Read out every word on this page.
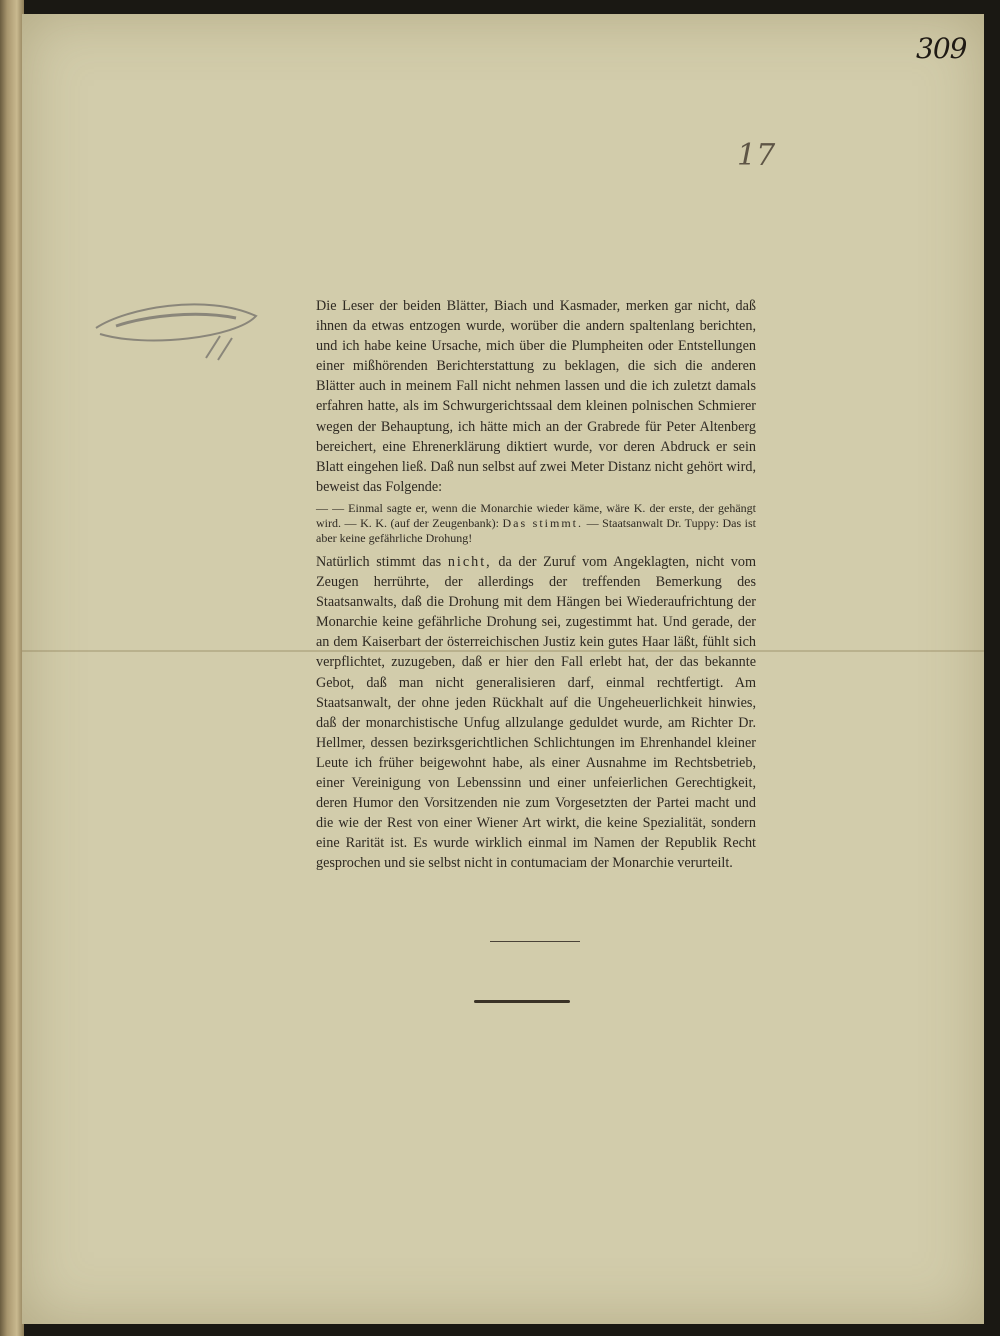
309
17

Die Leser der beiden Blätter, Biach und Kasmader, merken gar nicht, daß ihnen da etwas entzogen wurde, worüber die andern spaltenlang berichten, und ich habe keine Ursache, mich über die Plumpheiten oder Entstellungen einer mißhörenden Berichterstattung zu beklagen, die sich die anderen Blätter auch in meinem Fall nicht nehmen lassen und die ich zuletzt damals erfahren hatte, als im Schwurgerichtssaal dem kleinen polnischen Schmierer wegen der Behauptung, ich hätte mich an der Grabrede für Peter Altenberg bereichert, eine Ehrenerklärung diktiert wurde, vor deren Abdruck er sein Blatt eingehen ließ. Daß nun selbst auf zwei Meter Distanz nicht gehört wird, beweist das Folgende:

— — Einmal sagte er, wenn die Monarchie wieder käme, wäre K. der erste, der gehängt wird. — K. K. (auf der Zeugenbank): Das stimmt. — Staatsanwalt Dr. Tuppy: Das ist aber keine gefährliche Drohung!

Natürlich stimmt das nicht, da der Zuruf vom Angeklagten, nicht vom Zeugen herrührte, der allerdings der treffenden Bemerkung des Staatsanwalts, daß die Drohung mit dem Hängen bei Wiederaufrichtung der Monarchie keine gefährliche Drohung sei, zugestimmt hat. Und gerade, der an dem Kaiserbart der österreichischen Justiz kein gutes Haar läßt, fühlt sich verpflichtet, zuzugeben, daß er hier den Fall erlebt hat, der das bekannte Gebot, daß man nicht generalisieren darf, einmal rechtfertigt. Am Staatsanwalt, der ohne jeden Rückhalt auf die Ungeheuerlichkeit hinwies, daß der monarchistische Unfug allzulange geduldet wurde, am Richter Dr. Hellmer, dessen bezirksgerichtlichen Schlichtungen im Ehrenhandel kleiner Leute ich früher beigewohnt habe, als einer Ausnahme im Rechtsbetrieb, einer Vereinigung von Lebenssinn und einer unfeierlichen Gerechtigkeit, deren Humor den Vorsitzenden nie zum Vorgesetzten der Partei macht und die wie der Rest von einer Wiener Art wirkt, die keine Spezialität, sondern eine Rarität ist. Es wurde wirklich einmal im Namen der Republik Recht gesprochen und sie selbst nicht in contumaciam der Monarchie verurteilt.
